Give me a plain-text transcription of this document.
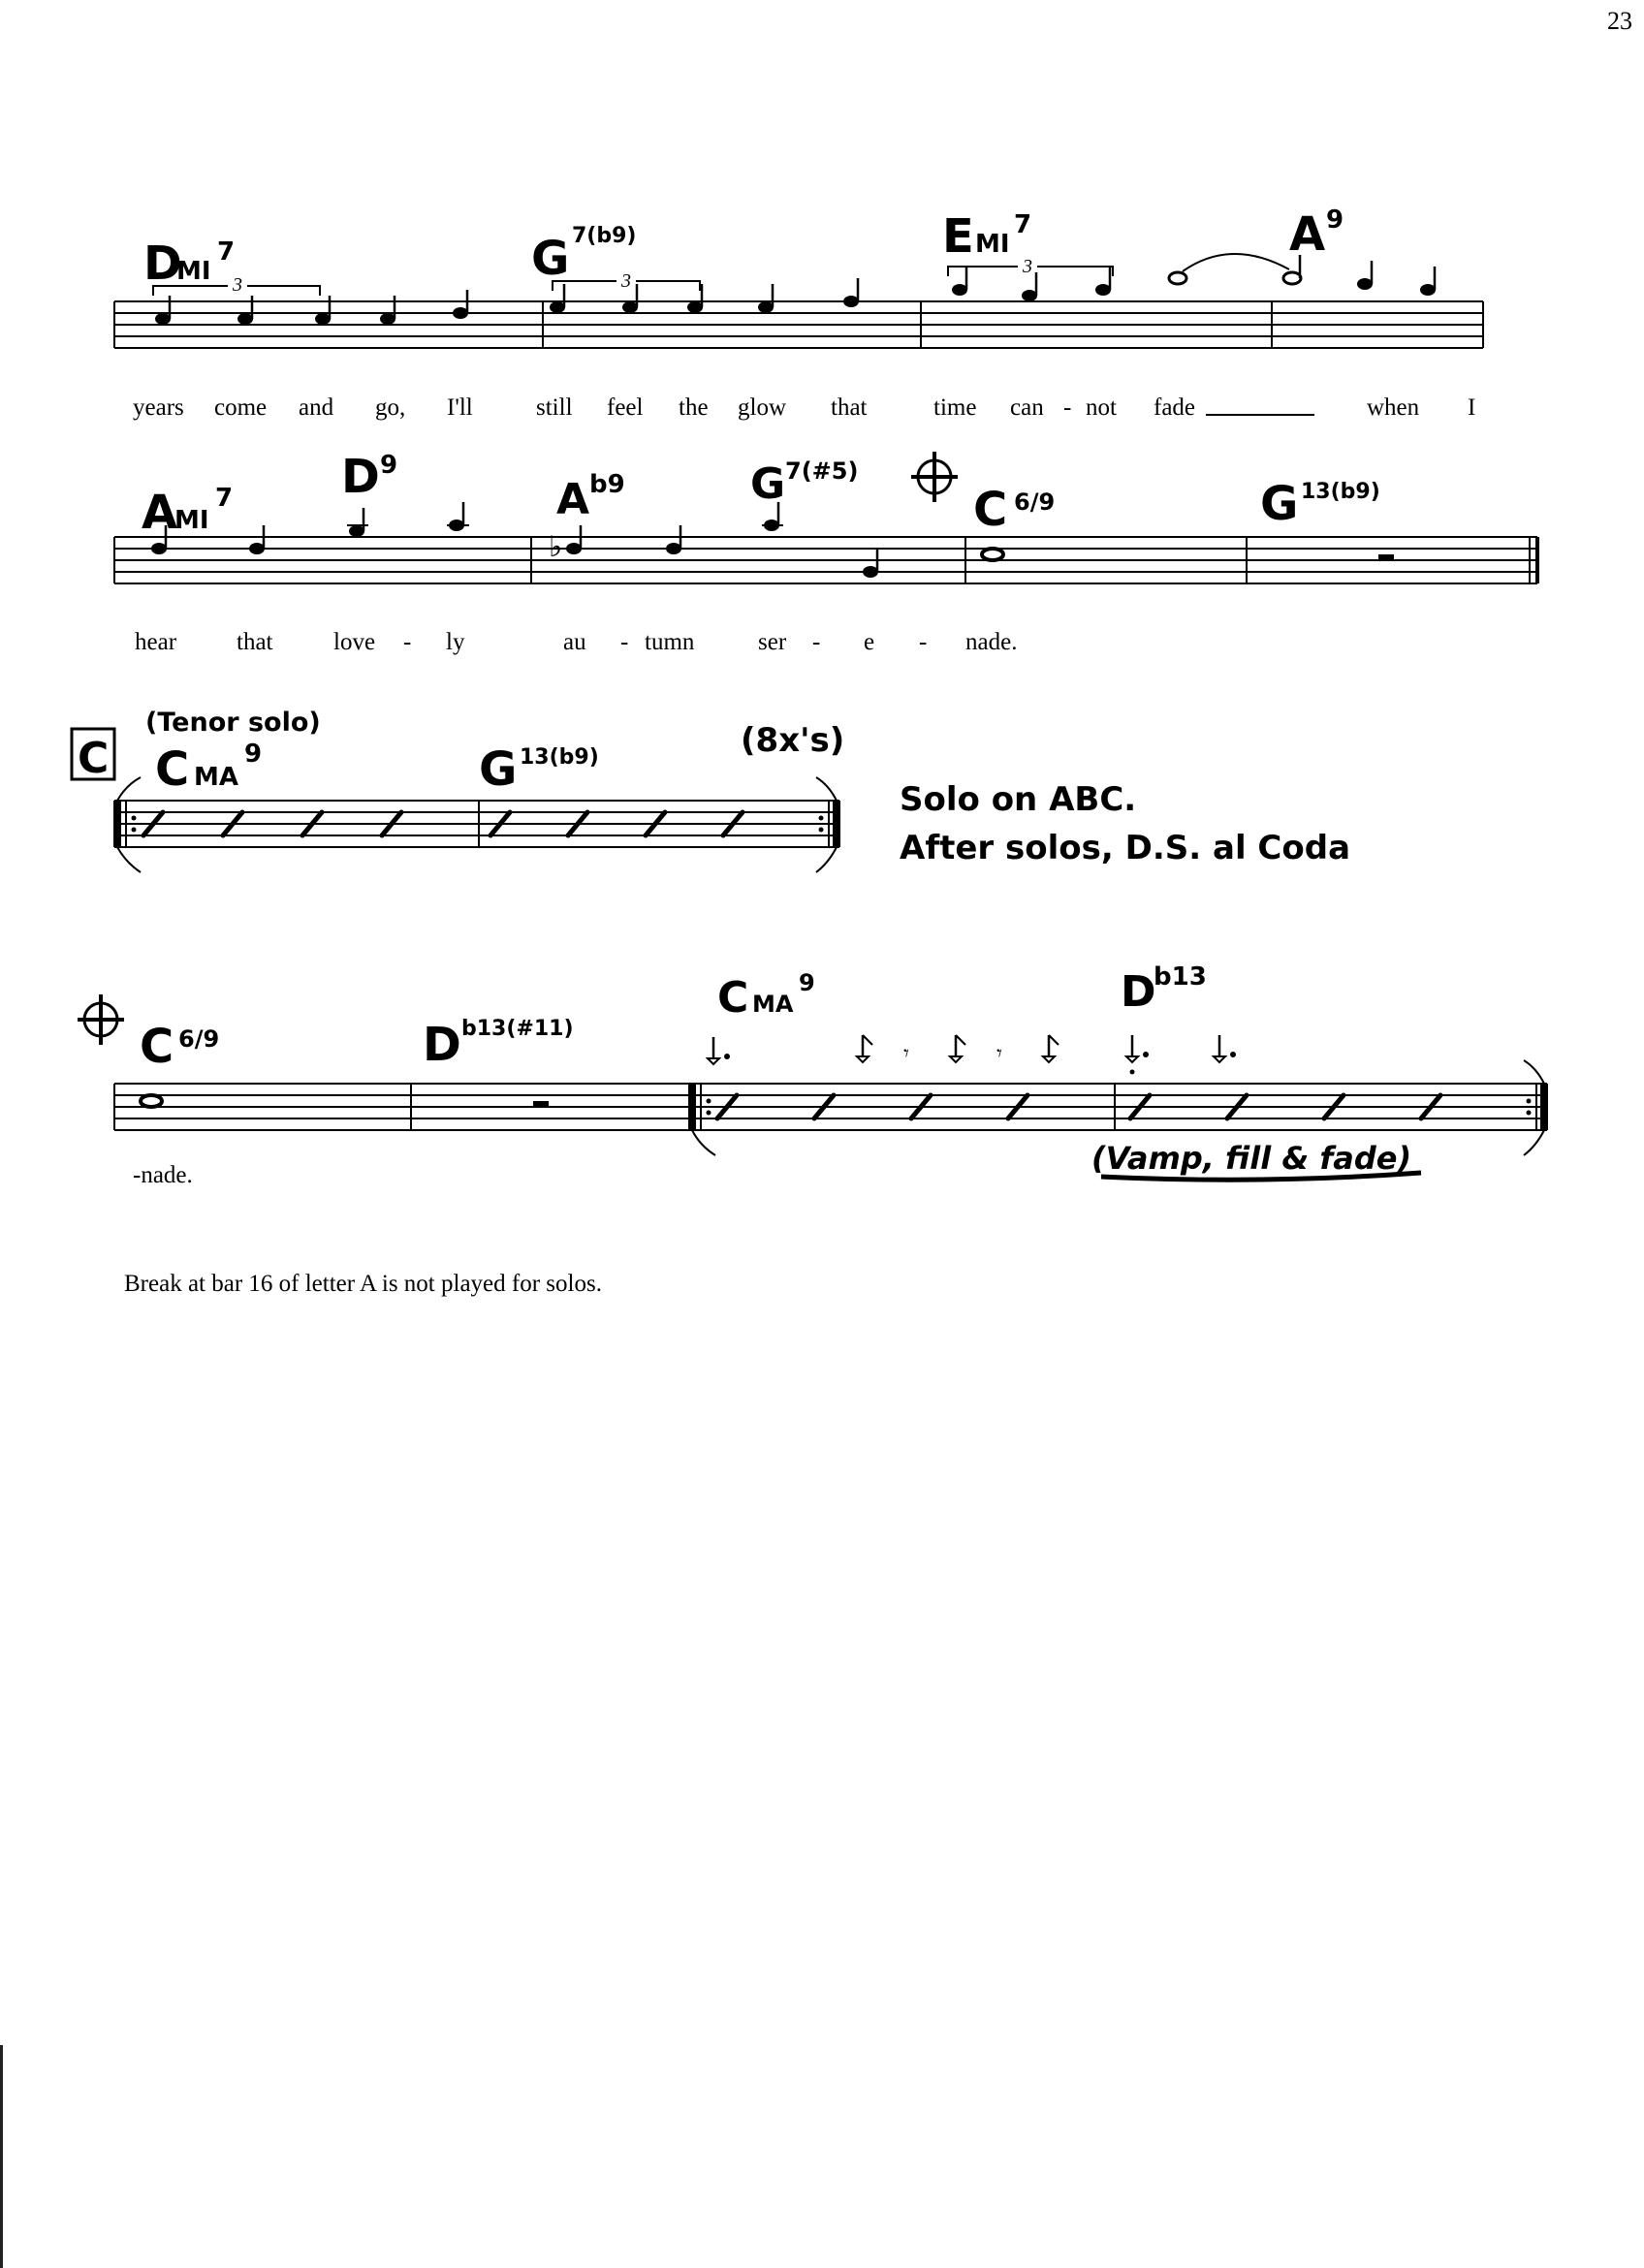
23
D
MI
7	G 7(b9)	E MI
7	A 9
3	3
3
years come and go, I'll	still feel the glow that	time can - not fade	when I
A
MI
7 D 9
A b9	G 7(#5)
C 6/9	G 13(b9)
♭
hear that	love - ly	au - tumn	ser - e - nade.
C
(Tenor solo)	(8x's)
C MA
9	G 13(b9)
Solo on ABC.
After solos, D.S. al Coda
C 6/9	D b13(#11)
C MA
9	D
b13
𝄾	𝄾
-nade.	(Vamp, fill & fade)
Break at bar 16 of letter A is not played for solos.
